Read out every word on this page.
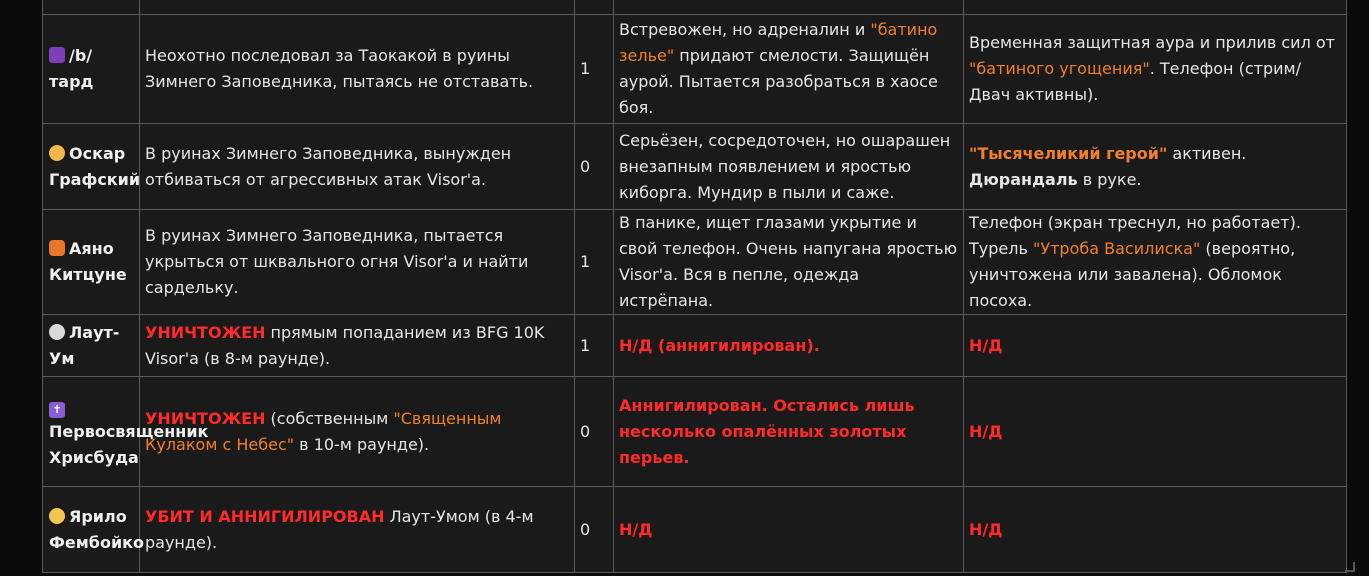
/b/тард	Неохотно последовал за Таокакой в руины Зимнего Заповедника, пытаясь не отставать.	1	Встревожен, но адреналин и "батино зелье" придают смелости. Защищён аурой. Пытается разобраться в хаосе боя.	Временная защитная аура и прилив сил от "батиного угощения". Телефон (стрим/Двач активны).
Оскар Графский	В руинах Зимнего Заповедника, вынужден отбиваться от агрессивных атак Visor'а.	0	Серьёзен, сосредоточен, но ошарашен внезапным появлением и яростью киборга. Мундир в пыли и саже.	"Тысячеликий герой" активен. Дюрандаль в руке.
Аяно Китцуне	В руинах Зимнего Заповедника, пытается укрыться от шквального огня Visor'а и найти сардельку.	1	В панике, ищет глазами укрытие и свой телефон. Очень напугана яростью Visor'а. Вся в пепле, одежда истрёпана.	Телефон (экран треснул, но работает). Турель "Утроба Василиска" (вероятно, уничтожена или завалена). Обломок посоха.
Лаут-Ум	УНИЧТОЖЕН прямым попаданием из BFG 10K Visor'а (в 8-м раунде).	1	Н/Д (аннигилирован).	Н/Д
✝Первосвященник Хрисбуда	УНИЧТОЖЕН (собственным "Священным Кулаком с Небес" в 10-м раунде).	0	Аннигилирован. Остались лишь несколько опалённых золотых перьев.	Н/Д
Ярило Фембойко	УБИТ И АННИГИЛИРОВАН Лаут-Умом (в 4-м раунде).	0	Н/Д	Н/Д
